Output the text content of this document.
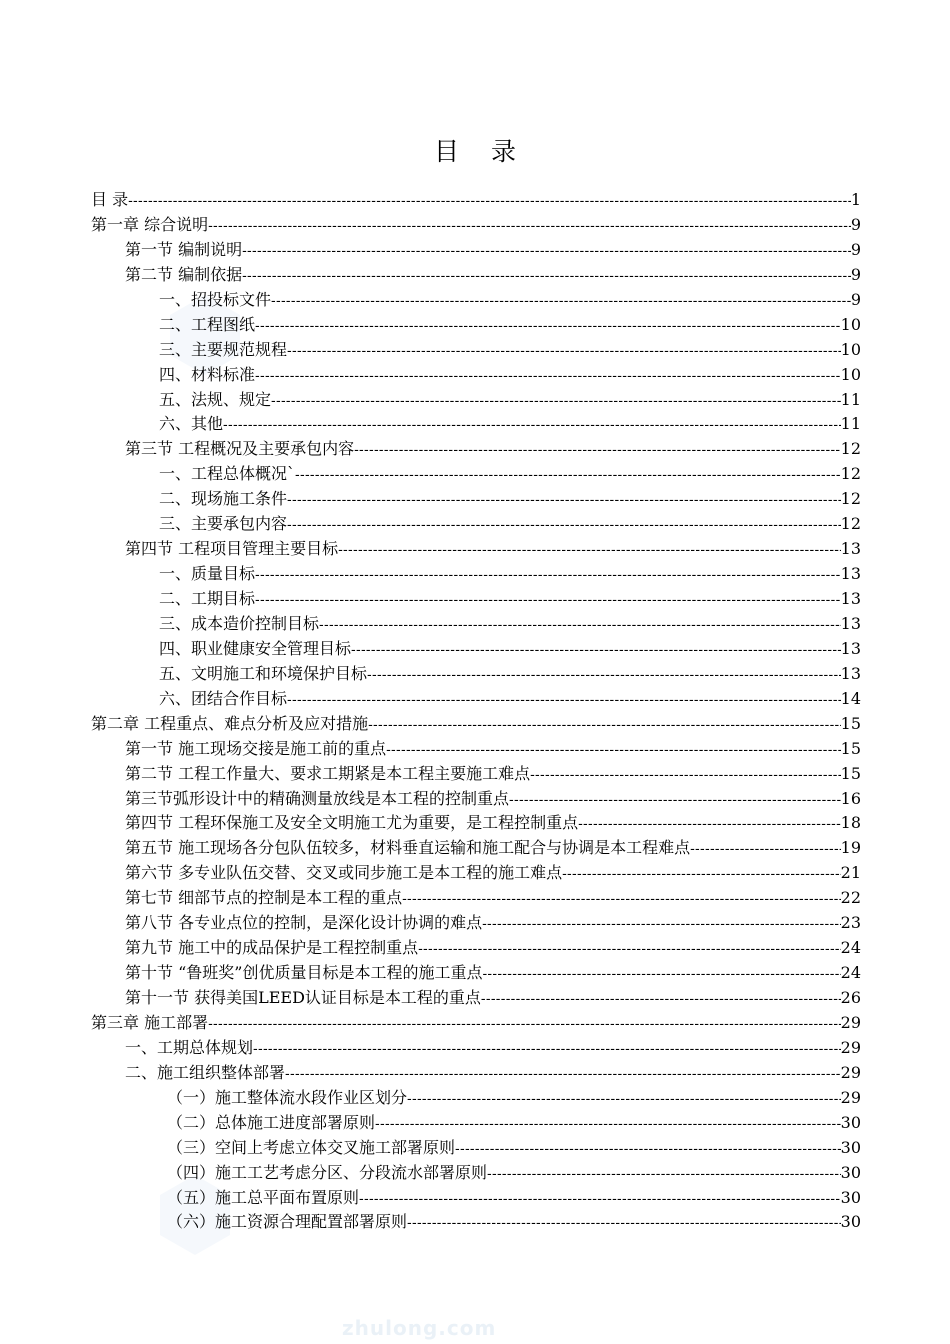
目 录
目 录 -----	1
第一章 综合说明 -----	9
第一节 编制说明 -----	9
第二节 编制依据 -----	9
一、招投标文件 -----	9
二、工程图纸 -----	10
三、主要规范规程 -----	10
四、材料标准 -----	10
五、法规、规定 -----	11
六、其他 -----	11
第三节 工程概况及主要承包内容 -----	12
一、工程总体概况` -----	12
二、现场施工条件 -----	12
三、主要承包内容 -----	12
第四节 工程项目管理主要目标 -----	13
一、质量目标 -----	13
二、工期目标 -----	13
三、成本造价控制目标 -----	13
四、职业健康安全管理目标 -----	13
五、文明施工和环境保护目标 -----	13
六、团结合作目标 -----	14
第二章 工程重点、难点分析及应对措施 -----	15
第一节 施工现场交接是施工前的重点 -----	15
第二节 工程工作量大、要求工期紧是本工程主要施工难点 -----	15
第三节弧形设计中的精确测量放线是本工程的控制重点 -----	16
第四节 工程环保施工及安全文明施工尤为重要，是工程控制重点 -----	18
第五节 施工现场各分包队伍较多，材料垂直运输和施工配合与协调是本工程难点 -----	19
第六节 多专业队伍交替、交叉或同步施工是本工程的施工难点 -----	21
第七节 细部节点的控制是本工程的重点 -----	22
第八节 各专业点位的控制，是深化设计协调的难点 -----	23
第九节 施工中的成品保护是工程控制重点 -----	24
第十节 “鲁班奖”创优质量目标是本工程的施工重点 -----	24
第十一节 获得美国LEED认证目标是本工程的重点 -----	26
第三章 施工部署 -----	29
一、工期总体规划 -----	29
二、施工组织整体部署 -----	29
（一）施工整体流水段作业区划分 -----	29
（二）总体施工进度部署原则 -----	30
（三）空间上考虑立体交叉施工部署原则 -----	30
（四）施工工艺考虑分区、分段流水部署原则 -----	30
（五）施工总平面布置原则 -----	30
（六）施工资源合理配置部署原则 -----	30
zhulong.com
